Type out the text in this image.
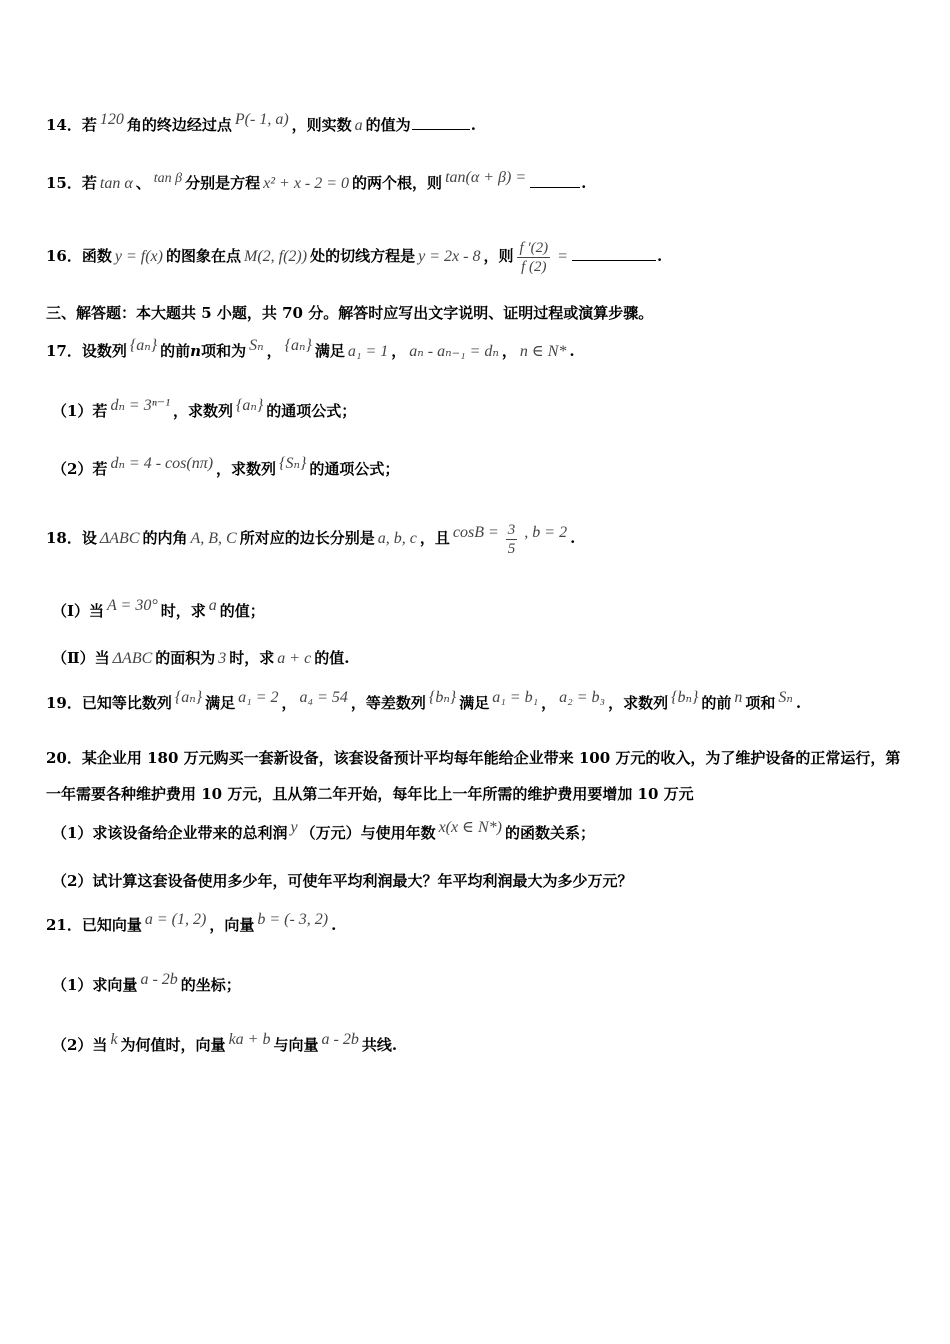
14．若 120 角的终边经过点 P(- 1, a) ，则实数 a 的值为	.
15．若 tan α 、 tan β 分别是方程 x² + x - 2 = 0 的两个根，则 tan(α + β) =	.
16．函数 y = f(x) 的图象在点 M(2, f(2)) 处的切线方程是 y = 2x - 8 ，则 $\frac{f '(2)}{f (2)}$ =	.
三、解答题：本大题共 5 小题，共 70 分。解答时应写出文字说明、证明过程或演算步骤。
17．设数列 {aₙ} 的前n项和为 Sₙ ， {aₙ} 满足 a₁ = 1 ， aₙ - aₙ₋₁ = dₙ ， n ∈ N* .
（1）若 dₙ = 3ⁿ⁻¹ ，求数列 {aₙ} 的通项公式；
（2）若 dₙ = 4 - cos(nπ) ，求数列 {Sₙ} 的通项公式；
18．设 ΔABC 的内角 A, B, C 所对应的边长分别是 a, b, c ，且 $\cos B = \frac{3}{5}$ , b = 2 .
（Ⅰ）当 A = 30° 时，求 a 的值；
（Ⅱ）当 ΔABC 的面积为 3 时，求 a + c 的值.
19．已知等比数列 {aₙ} 满足 a₁ = 2 ， a₄ = 54 ，等差数列 {bₙ} 满足 a₁ = b₁ ， a₂ = b₃ ，求数列 {bₙ} 的前 n 项和 Sₙ .
20．某企业用 180 万元购买一套新设备，该套设备预计平均每年能给企业带来 100 万元的收入，为了维护设备的正常运行，第一年需要各种维护费用 10 万元，且从第二年开始，每年比上一年所需的维护费用要增加 10 万元
（1）求该设备给企业带来的总利润 y （万元）与使用年数 x(x ∈ N*) 的函数关系；
（2）试计算这套设备使用多少年，可使年平均利润最大？年平均利润最大为多少万元？
21．已知向量 a = (1, 2) ，向量 b = (- 3, 2) .
（1）求向量 a - 2b 的坐标；
（2）当 k 为何值时，向量 ka + b 与向量 a - 2b 共线.
